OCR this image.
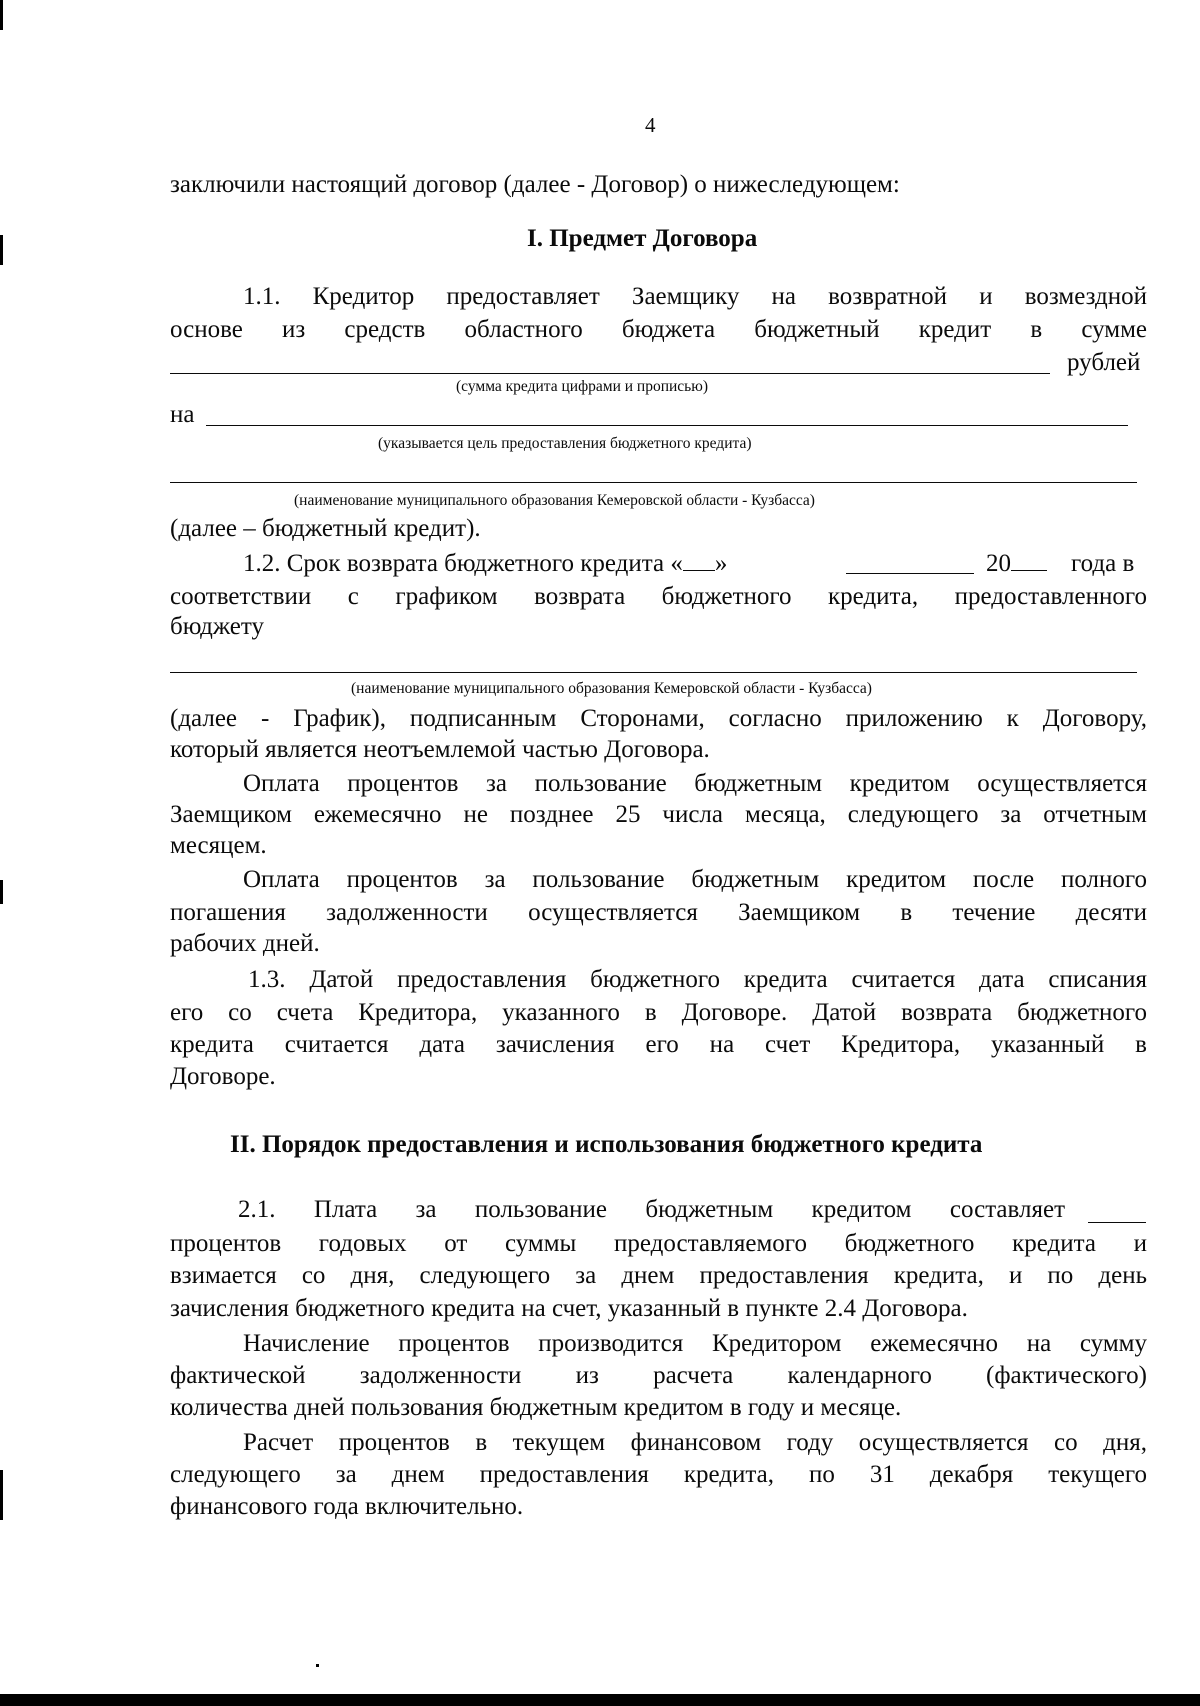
4
заключили настоящий договор (далее - Договор) о нижеследующем:
I. Предмет Договора
1.1. Кредитор предоставляет Заемщику на возвратной и возмездной
основе из средств областного бюджета бюджетный кредит в сумме
рублей
(сумма кредита цифрами и прописью)
на
(указывается цель предоставления бюджетного кредита)
(наименование муниципального образования Кемеровской области - Кузбасса)
(далее – бюджетный кредит).
1.2. Срок возврата бюджетного кредита « »	20	года в
соответствии с графиком возврата бюджетного кредита, предоставленного
бюджету
(наименование муниципального образования Кемеровской области - Кузбасса)
(далее - График), подписанным Сторонами, согласно приложению к Договору,
который является неотъемлемой частью Договора.
Оплата процентов за пользование бюджетным кредитом осуществляется
Заемщиком ежемесячно не позднее 25 числа месяца, следующего за отчетным
месяцем.
Оплата процентов за пользование бюджетным кредитом после полного
погашения задолженности осуществляется Заемщиком в течение десяти
рабочих дней.
1.3. Датой предоставления бюджетного кредита считается дата списания
его со счета Кредитора, указанного в Договоре. Датой возврата бюджетного
кредита считается дата зачисления его на счет Кредитора, указанный в
Договоре.
II. Порядок предоставления и использования бюджетного кредита
2.1. Плата за пользование бюджетным кредитом составляет
процентов годовых от суммы предоставляемого бюджетного кредита и
взимается со дня, следующего за днем предоставления кредита, и по день
зачисления бюджетного кредита на счет, указанный в пункте 2.4 Договора.
Начисление процентов производится Кредитором ежемесячно на сумму
фактической задолженности из расчета календарного (фактического)
количества дней пользования бюджетным кредитом в году и месяце.
Расчет процентов в текущем финансовом году осуществляется со дня,
следующего за днем предоставления кредита, по 31 декабря текущего
финансового года включительно.
